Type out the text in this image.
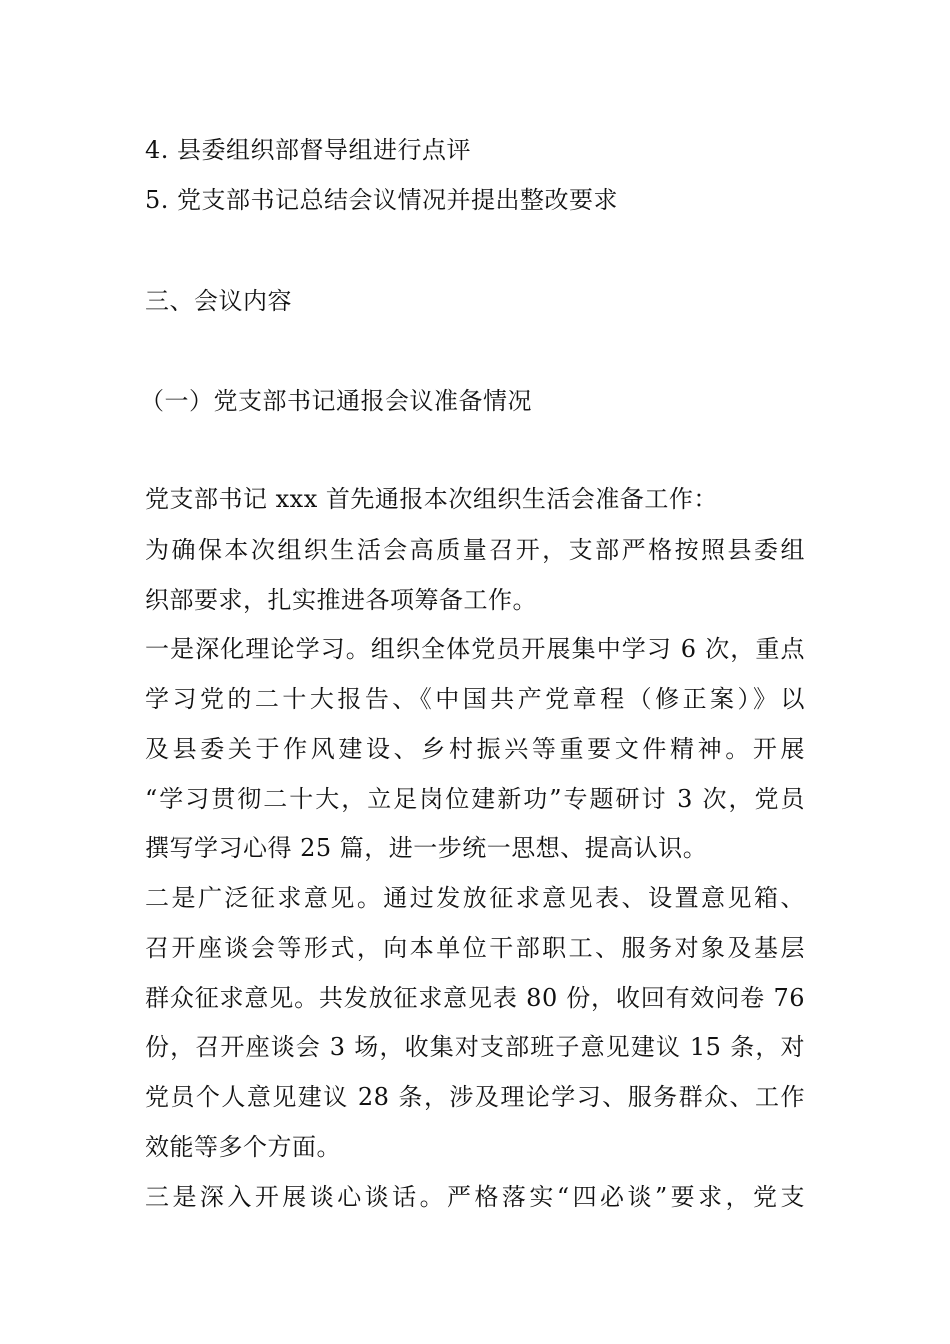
4. 县委组织部督导组进行点评
5. 党支部书记总结会议情况并提出整改要求
三、会议内容
（一）党支部书记通报会议准备情况
党支部书记 xxx 首先通报本次组织生活会准备工作：
为确保本次组织生活会高质量召开，支部严格按照县委组
织部要求，扎实推进各项筹备工作。
一是深化理论学习。组织全体党员开展集中学习 6 次，重点
学习党的二十大报告、《中国共产党章程（修正案）》以
及县委关于作风建设、乡村振兴等重要文件精神。开展
“学习贯彻二十大，立足岗位建新功”专题研讨 3 次，党员
撰写学习心得 25 篇，进一步统一思想、提高认识。
二是广泛征求意见。通过发放征求意见表、设置意见箱、
召开座谈会等形式，向本单位干部职工、服务对象及基层
群众征求意见。共发放征求意见表 80 份，收回有效问卷 76
份，召开座谈会 3 场，收集对支部班子意见建议 15 条，对
党员个人意见建议 28 条，涉及理论学习、服务群众、工作
效能等多个方面。
三是深入开展谈心谈话。严格落实“四必谈”要求，党支
